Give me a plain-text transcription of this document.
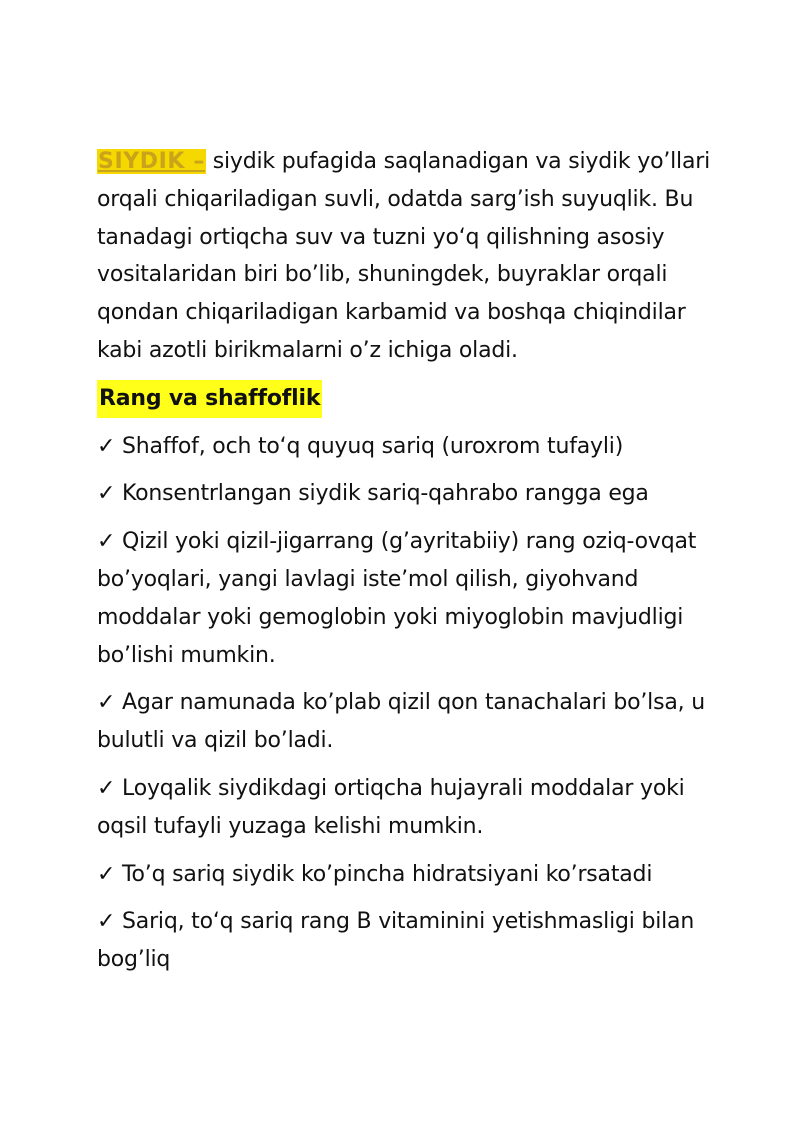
SIYDIK – siydik pufagida saqlanadigan va siydik yo’llari orqali chiqariladigan suvli, odatda sarg’ish suyuqlik. Bu tanadagi ortiqcha suv va tuzni yo‘q qilishning asosiy vositalaridan biri bo’lib, shuningdek, buyraklar orqali qondan chiqariladigan karbamid va boshqa chiqindilar kabi azotli birikmalarni o’z ichiga oladi.

Rang va shaffoflik

✓ Shaffof, och to‘q quyuq sariq (uroxrom tufayli)

✓ Konsentrlangan siydik sariq-qahrabo rangga ega

✓ Qizil yoki qizil-jigarrang (g’ayritabiiy) rang oziq-ovqat bo’yoqlari, yangi lavlagi iste’mol qilish, giyohvand moddalar yoki gemoglobin yoki miyoglobin mavjudligi bo’lishi mumkin.

✓ Agar namunada ko’plab qizil qon tanachalari bo’lsa, u bulutli va qizil bo’ladi.

✓ Loyqalik siydikdagi ortiqcha hujayrali moddalar yoki oqsil tufayli yuzaga kelishi mumkin.

✓ To’q sariq siydik ko’pincha hidratsiyani ko’rsatadi

✓ Sariq, to‘q sariq rang B vitaminini yetishmasligi bilan bog’liq
